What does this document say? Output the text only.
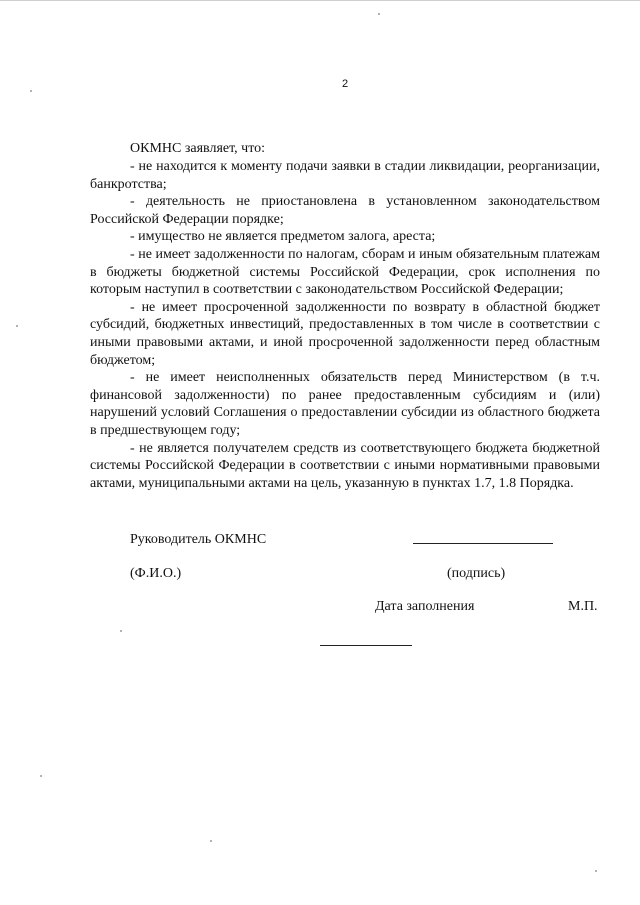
2
ОКМНС заявляет, что:

- не находится к моменту подачи заявки в стадии ликвидации, реорганизации, банкротства;

- деятельность не приостановлена в установленном законодательством Российской Федерации порядке;

- имущество не является предметом залога, ареста;

- не имеет задолженности по налогам, сборам и иным обязательным платежам в бюджеты бюджетной системы Российской Федерации, срок исполнения по которым наступил в соответствии с законодательством Российской Федерации;

- не имеет просроченной задолженности по возврату в областной бюджет субсидий, бюджетных инвестиций, предоставленных в том числе в соответствии с иными правовыми актами, и иной просроченной задолженности перед областным бюджетом;

- не имеет неисполненных обязательств перед Министерством (в т.ч. финансовой задолженности) по ранее предоставленным субсидиям и (или) нарушений условий Соглашения о предоставлении субсидии из областного бюджета в предшествующем году;

- не является получателем средств из соответствующего бюджета бюджетной системы Российской Федерации в соответствии с иными нормативными правовыми актами, муниципальными актами на цель, указанную в пунктах 1.7, 1.8 Порядка.

Руководитель ОКМНС
(Ф.И.О.)	(подпись)
Дата заполнения	М.П.
